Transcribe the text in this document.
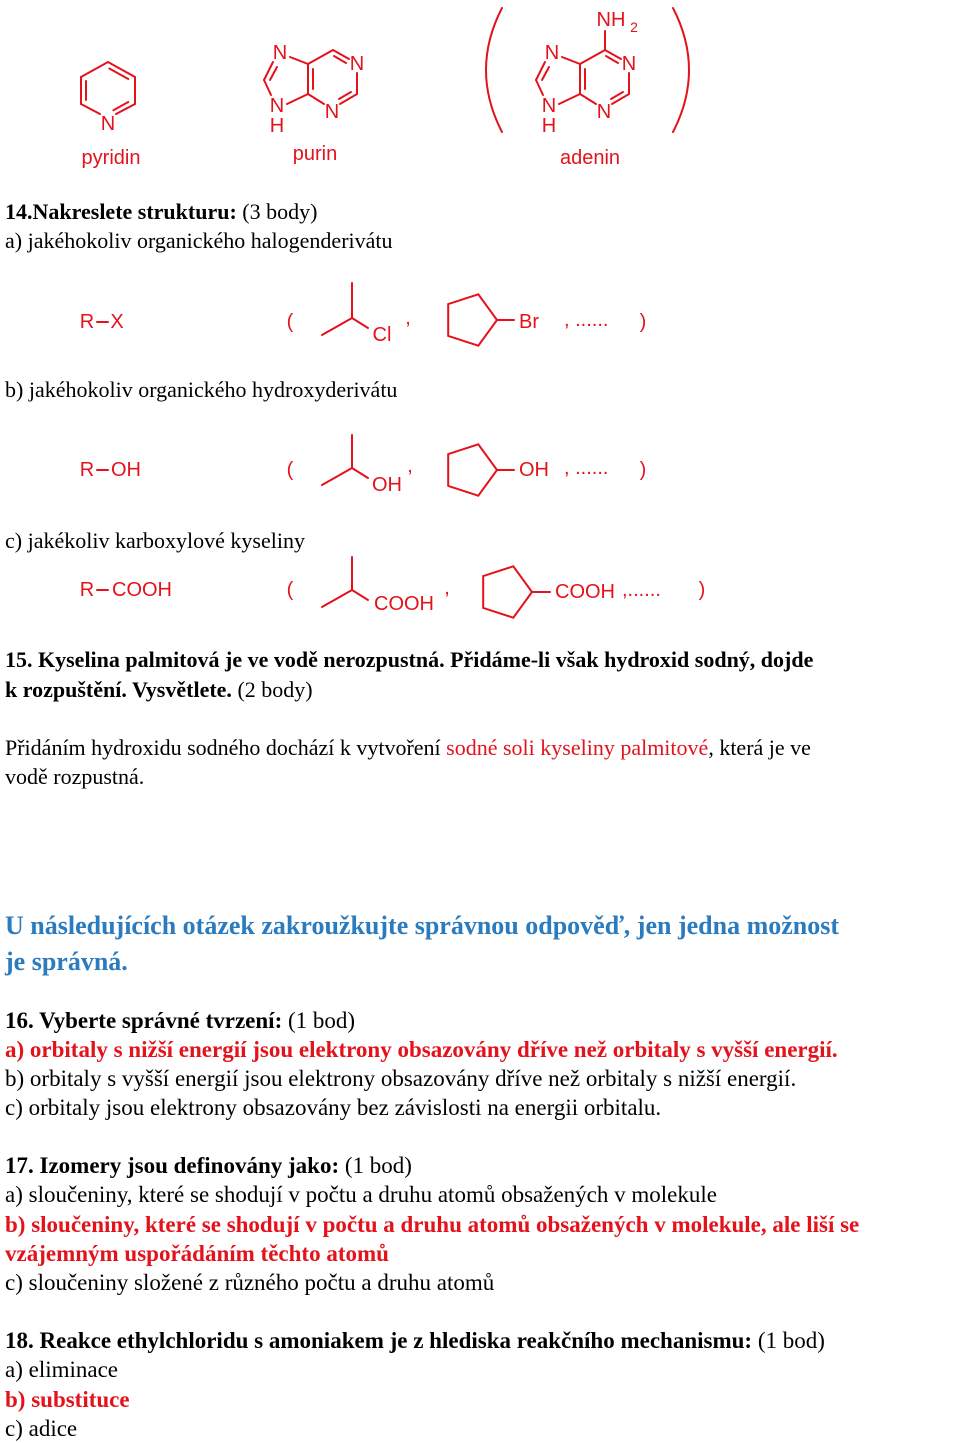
N
pyridin
N	N
N
N
H
purin
NH 2
N	N
N
N
H
adenin
R X	(
Cl
,	Br , ...... )
R OH	(
OH
,	OH , ...... )
R COOH	(
COOH
,	COOH ,...... )
14.Nakreslete strukturu: (3 body)
a) jakéhokoliv organického halogenderivátu
b) jakéhokoliv organického hydroxyderivátu
c) jakékoliv karboxylové kyseliny
15. Kyselina palmitová je ve vodě nerozpustná. Přidáme-li však hydroxid sodný, dojde
k rozpuštění. Vysvětlete. (2 body)
Přidáním hydroxidu sodného dochází k vytvoření sodné soli kyseliny palmitové, která je ve
vodě rozpustná.
U následujících otázek zakroužkujte správnou odpověď, jen jedna možnost
je správná.
16. Vyberte správné tvrzení: (1 bod)
a) orbitaly s nižší energií jsou elektrony obsazovány dříve než orbitaly s vyšší energií.
b) orbitaly s vyšší energií jsou elektrony obsazovány dříve než orbitaly s nižší energií.
c) orbitaly jsou elektrony obsazovány bez závislosti na energii orbitalu.
17. Izomery jsou definovány jako: (1 bod)
a) sloučeniny, které se shodují v počtu a druhu atomů obsažených v molekule
b) sloučeniny, které se shodují v počtu a druhu atomů obsažených v molekule, ale liší se
vzájemným uspořádáním těchto atomů
c) sloučeniny složené z různého počtu a druhu atomů
18. Reakce ethylchloridu s amoniakem je z hlediska reakčního mechanismu: (1 bod)
a) eliminace
b) substituce
c) adice
